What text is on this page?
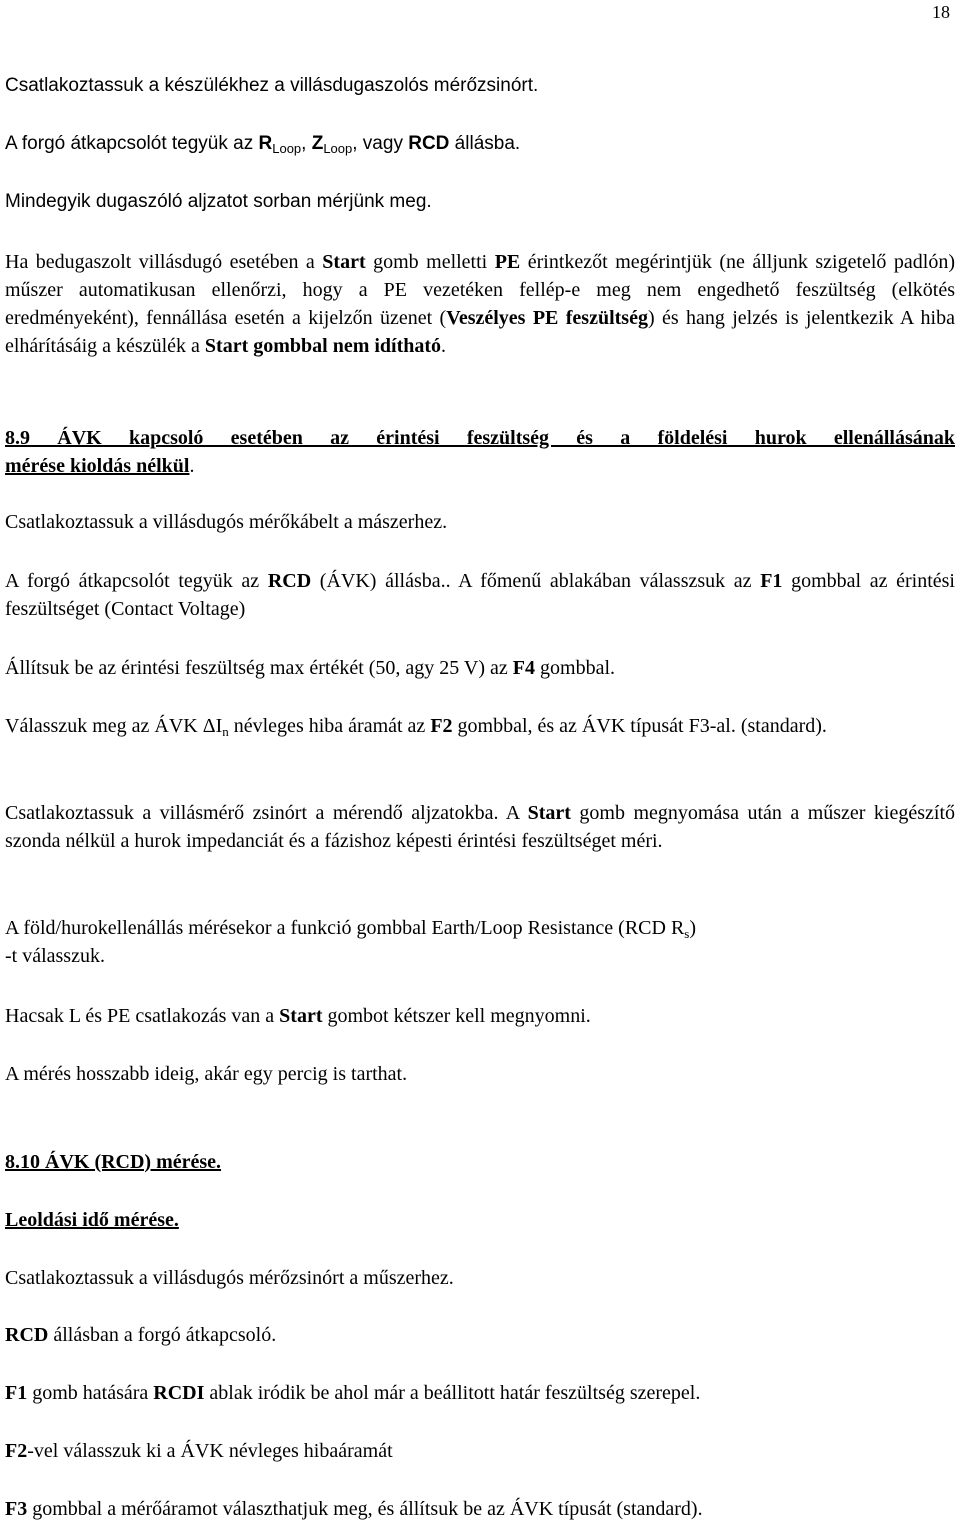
18

Csatlakoztassuk a készülékhez a villásdugaszolós mérőzsinórt.

A forgó átkapcsolót tegyük az $R_{Loop}$, $Z_{Loop}$, vagy RCD állásba.

Mindegyik dugaszóló aljzatot sorban mérjünk meg.

Ha bedugaszolt villásdugó esetében a Start gomb melletti PE érintkezőt megérintjük (ne álljunk szigetelő padlón) műszer automatikusan ellenőrzi, hogy a PE vezetéken fellép-e meg nem engedhető feszültség (elkötés eredményeként), fennállása esetén a kijelzőn üzenet (Veszélyes PE feszültség) és hang jelzés is jelentkezik A hiba elhárításáig a készülék a Start gombbal nem idítható.

8.9 ÁVK kapcsoló esetében az érintési feszültség és a földelési hurok ellenállásának
mérése kioldás nélkül.

Csatlakoztassuk a villásdugós mérőkábelt a mászerhez.

A forgó átkapcsolót tegyük az RCD (ÁVK) állásba.. A főmenű ablakában válasszsuk az F1 gombbal az érintési feszültséget (Contact Voltage)

Állítsuk be az érintési feszültség max értékét (50, agy 25 V) az F4 gombbal.

Válasszuk meg az ÁVK $\Delta I_n$ névleges hiba áramát az F2 gombbal, és az ÁVK típusát F3-al. (standard).

Csatlakoztassuk a villásmérő zsinórt a mérendő aljzatokba. A Start gomb megnyomása után a műszer kiegészítő szonda nélkül a hurok impedanciát és a fázishoz képesti érintési feszültséget méri.

A föld/hurokellenállás mérésekor a funkció gombbal Earth/Loop Resistance (RCD $R_s$)
-t válasszuk.

Hacsak L és PE csatlakozás van a Start gombot kétszer kell megnyomni.

A mérés hosszabb ideig, akár egy percig is tarthat.

8.10 ÁVK (RCD) mérése.

Leoldási idő mérése.

Csatlakoztassuk a villásdugós mérőzsinórt a műszerhez.

RCD állásban a forgó átkapcsoló.

F1 gomb hatására RCDI ablak iródik be ahol már a beállitott határ feszültség szerepel.

F2-vel válasszuk ki a ÁVK névleges hibaáramát

F3 gombbal a mérőáramot választhatjuk meg, és állítsuk be az ÁVK típusát (standard).
